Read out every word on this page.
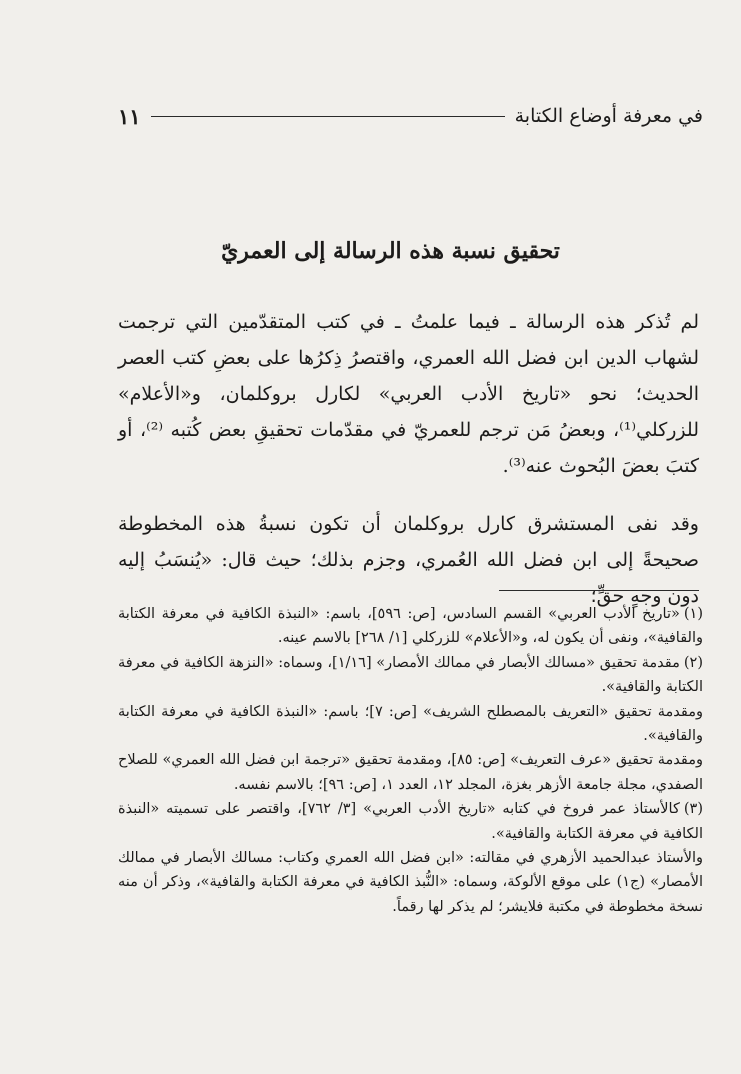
في معرفة أوضاع الكتابة
١١
تحقيق نسبة هذه الرسالة إلى العمريّ

لم تُذكر هذه الرسالة ـ فيما علمتُ ـ في كتب المتقدّمين التي ترجمت لشهاب الدين ابن فضل الله العمري، واقتصرُ ذِكرُها على بعضِ كتب العصر الحديث؛ نحو «تاريخ الأدب العربي» لكارل بروكلمان، و«الأعلام» للزركلي⁽¹⁾، وبعضُ مَن ترجم للعمريّ في مقدّمات تحقيقِ بعض كُتبه ⁽²⁾، أو كتبَ بعضَ البُحوث عنه⁽³⁾.

وقد نفى المستشرق كارل بروكلمان أن تكون نسبةُ هذه المخطوطة صحيحةً إلى ابن فضل الله العُمري، وجزم بذلك؛ حيث قال: «يُنسَبُ إليه دون وجهٍ حقٍّ؛

(١)«تاريخ الأدب العربي» القسم السادس، [ص: ٥٩٦]، باسم: «النبذة الكافية في معرفة الكتابة والقافية»، ونفى أن يكون له، و«الأعلام» للزركلي [١/ ٢٦٨] بالاسم عينه.

(٢)مقدمة تحقيق «مسالك الأبصار في ممالك الأمصار» [١/١٦]، وسماه: «النزهة الكافية في معرفة الكتابة والقافية».

ومقدمة تحقيق «التعريف بالمصطلح الشريف» [ص: ٧]؛ باسم: «النبذة الكافية في معرفة الكتابة والقافية».

ومقدمة تحقيق «عرف التعريف» [ص: ٨٥]، ومقدمة تحقيق «ترجمة ابن فضل الله العمري» للصلاح الصفدي، مجلة جامعة الأزهر بغزة، المجلد ١٢، العدد ١، [ص: ٩٦]؛ بالاسم نفسه.

(٣)كالأستاذ عمر فروخ في كتابه «تاريخ الأدب العربي» [٣/ ٧٦٢]، واقتصر على تسميته «النبذة الكافية في معرفة الكتابة والقافية».

والأستاذ عبدالحميد الأزهري في مقالته: «ابن فضل الله العمري وكتاب: مسالك الأبصار في ممالك الأمصار» (ج١) على موقع الألوكة، وسماه: «النُّبذ الكافية في معرفة الكتابة والقافية»، وذكر أن منه نسخة مخطوطة في مكتبة فلايشر؛ لم يذكر لها رقماً.
